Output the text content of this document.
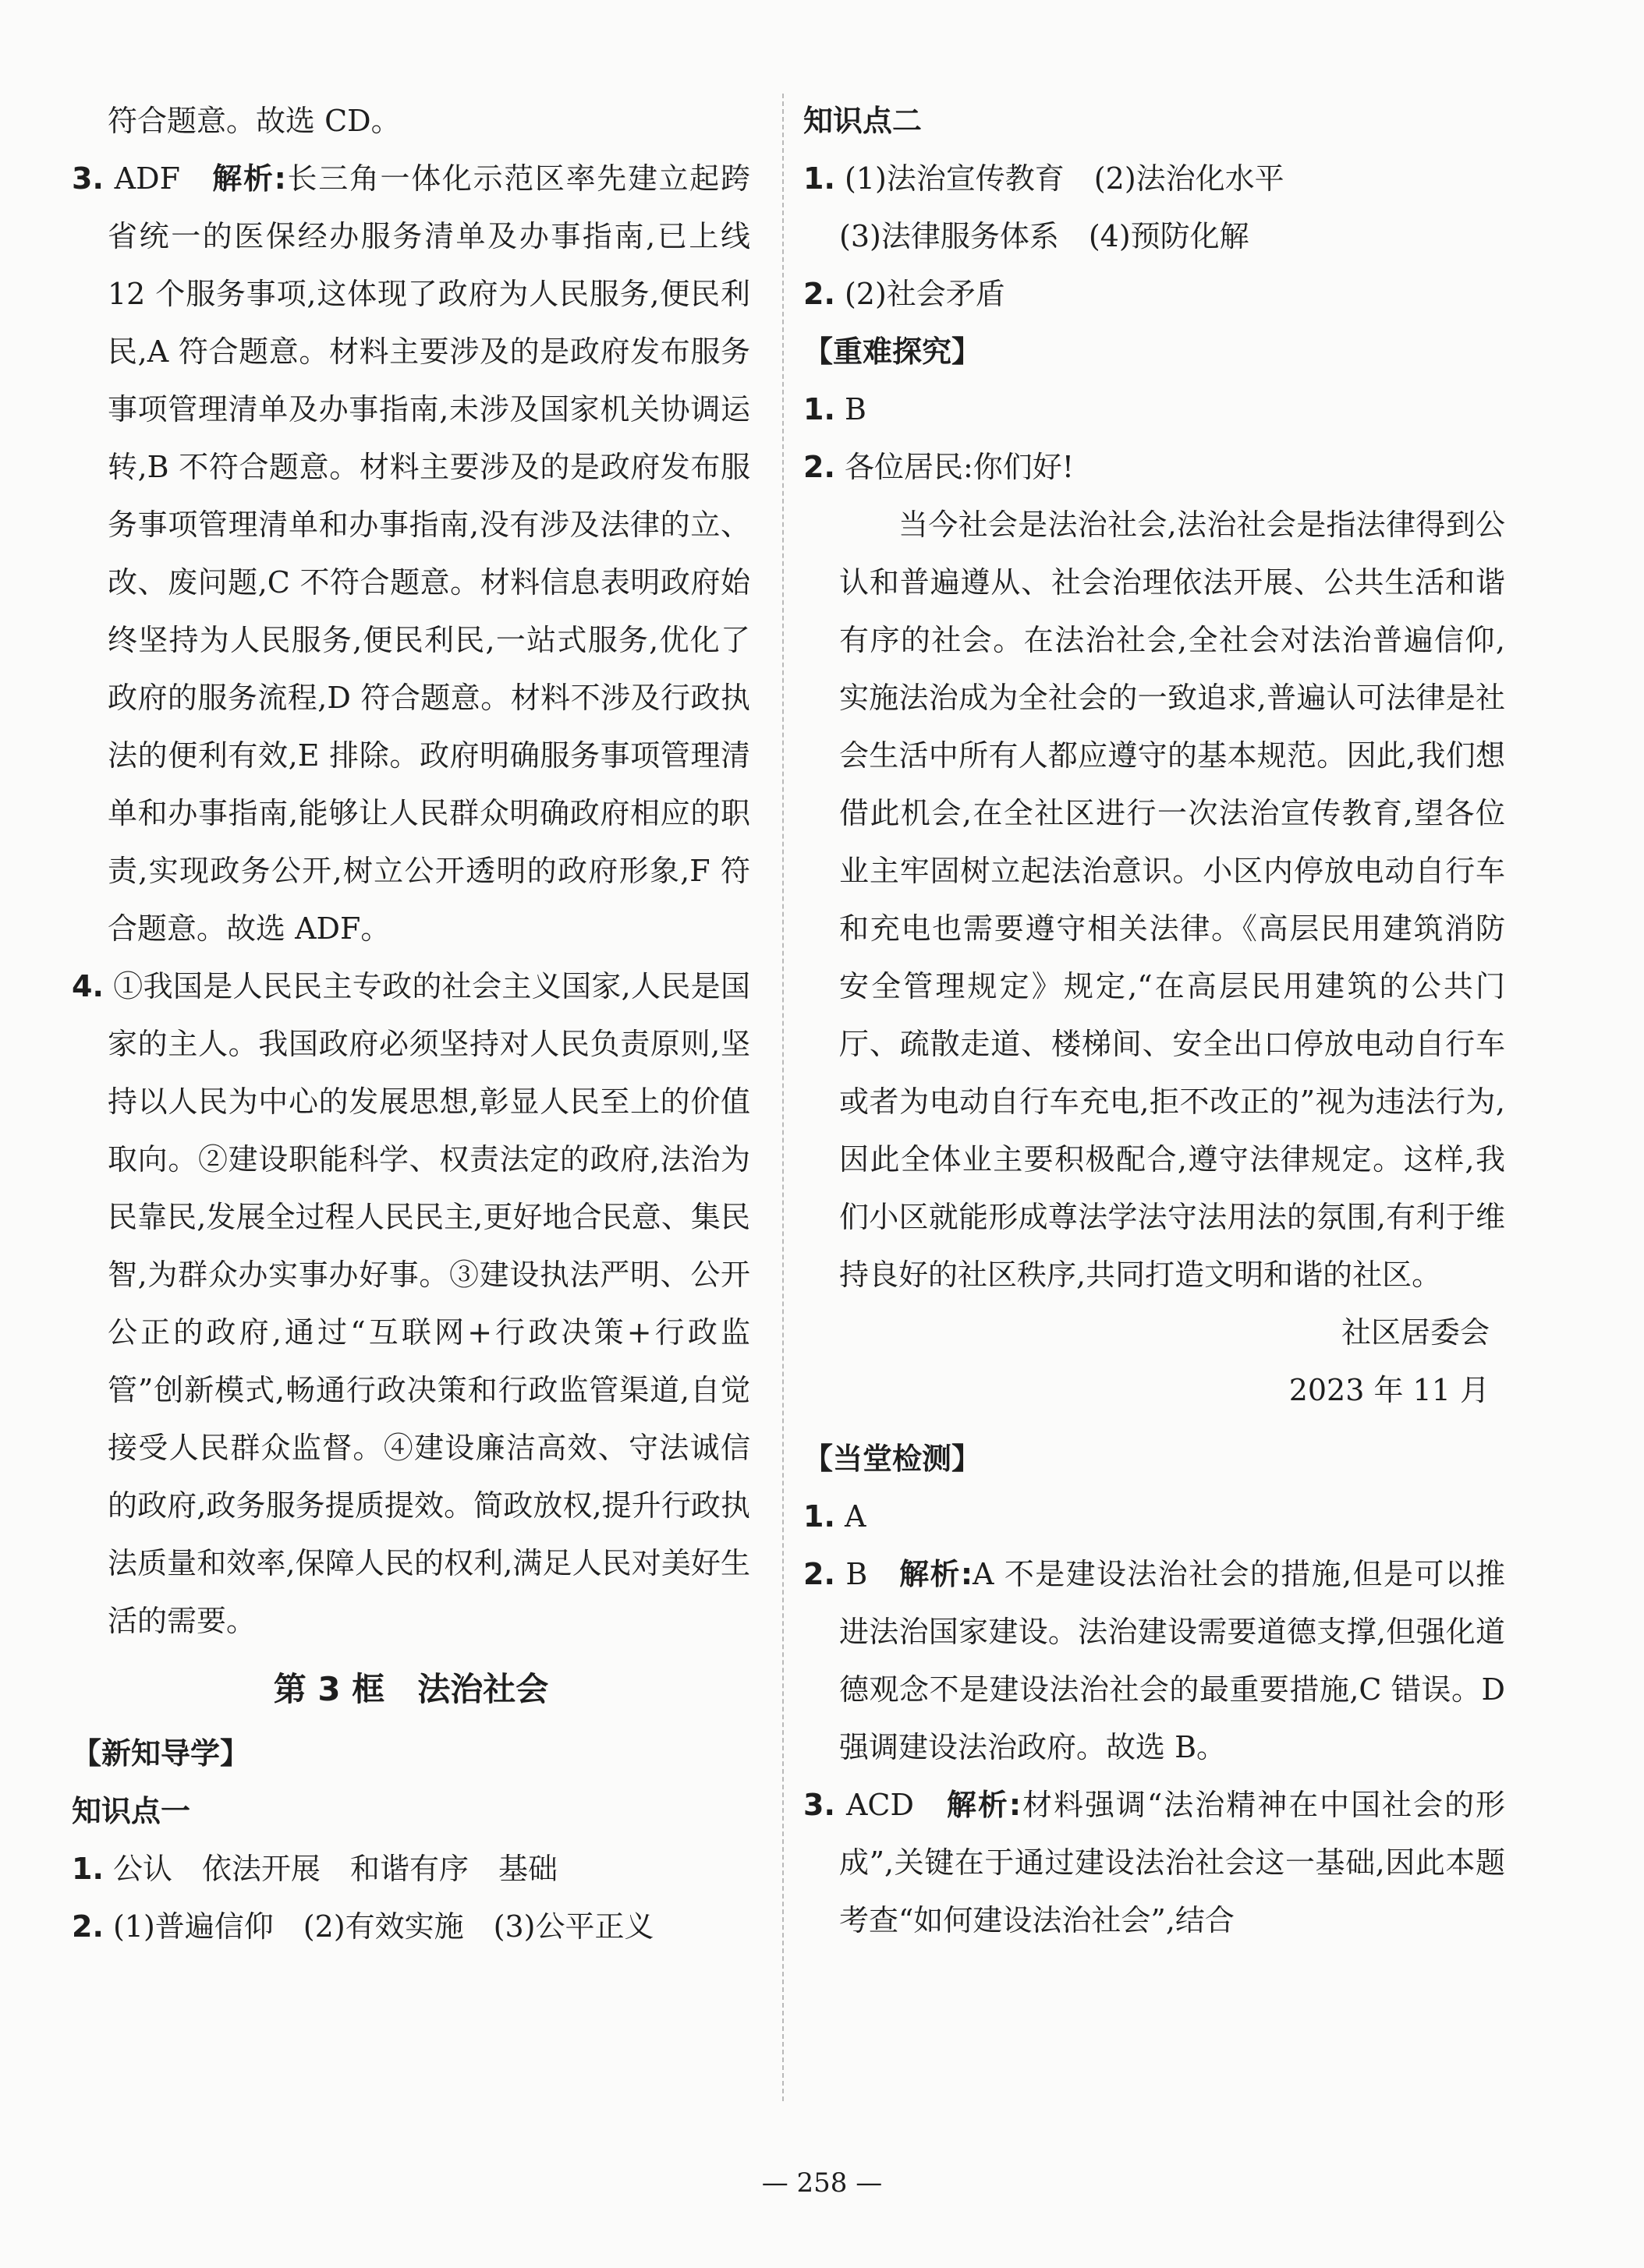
符合题意。故选 CD。

3. ADF　 解析:长三角一体化示范区率先建立起跨省统一的医保经办服务清单及办事指南,已上线 12 个服务事项,这体现了政府为人民服务,便民利民,A 符合题意。材料主要涉及的是政府发布服务事项管理清单及办事指南,未涉及国家机关协调运转,B 不符合题意。材料主要涉及的是政府发布服务事项管理清单和办事指南,没有涉及法律的立、改、废问题,C 不符合题意。材料信息表明政府始终坚持为人民服务,便民利民,一站式服务,优化了政府的服务流程,D 符合题意。材料不涉及行政执法的便利有效,E 排除。政府明确服务事项管理清单和办事指南,能够让人民群众明确政府相应的职责,实现政务公开,树立公开透明的政府形象,F 符合题意。故选 ADF。

4. ①我国是人民民主专政的社会主义国家,人民是国家的主人。我国政府必须坚持对人民负责原则,坚持以人民为中心的发展思想,彰显人民至上的价值取向。②建设职能科学、权责法定的政府,法治为民靠民,发展全过程人民民主,更好地合民意、集民智,为群众办实事办好事。③建设执法严明、公开公正的政府,通过“互联网+行政决策+行政监管”创新模式,畅通行政决策和行政监管渠道,自觉接受人民群众监督。④建设廉洁高效、守法诚信的政府,政务服务提质提效。简政放权,提升行政执法质量和效率,保障人民的权利,满足人民对美好生活的需要。

第 3 框　法治社会

【新知导学】

知识点一

1. 公认　依法开展　和谐有序　基础

2. (1)普遍信仰　(2)有效实施　(3)公平正义

知识点二

1. (1)法治宣传教育　(2)法治化水平

(3)法律服务体系　(4)预防化解

2. (2)社会矛盾

【重难探究】

1. B

2. 各位居民:你们好!

当今社会是法治社会,法治社会是指法律得到公认和普遍遵从、社会治理依法开展、公共生活和谐有序的社会。在法治社会,全社会对法治普遍信仰,实施法治成为全社会的一致追求,普遍认可法律是社会生活中所有人都应遵守的基本规范。因此,我们想借此机会,在全社区进行一次法治宣传教育,望各位业主牢固树立起法治意识。小区内停放电动自行车和充电也需要遵守相关法律。《高层民用建筑消防安全管理规定》规定,“在高层民用建筑的公共门厅、疏散走道、楼梯间、安全出口停放电动自行车或者为电动自行车充电,拒不改正的”视为违法行为,因此全体业主要积极配合,遵守法律规定。这样,我们小区就能形成尊法学法守法用法的氛围,有利于维持良好的社区秩序,共同打造文明和谐的社区。

社区居委会

2023 年 11 月

【当堂检测】

1. A

2. B　 解析:A 不是建设法治社会的措施,但是可以推进法治国家建设。法治建设需要道德支撑,但强化道德观念不是建设法治社会的最重要措施,C 错误。D 强调建设法治政府。故选 B。

3. ACD　 解析:材料强调“法治精神在中国社会的形成”,关键在于通过建设法治社会这一基础,因此本题考查“如何建设法治社会”,结合

— 258 —
